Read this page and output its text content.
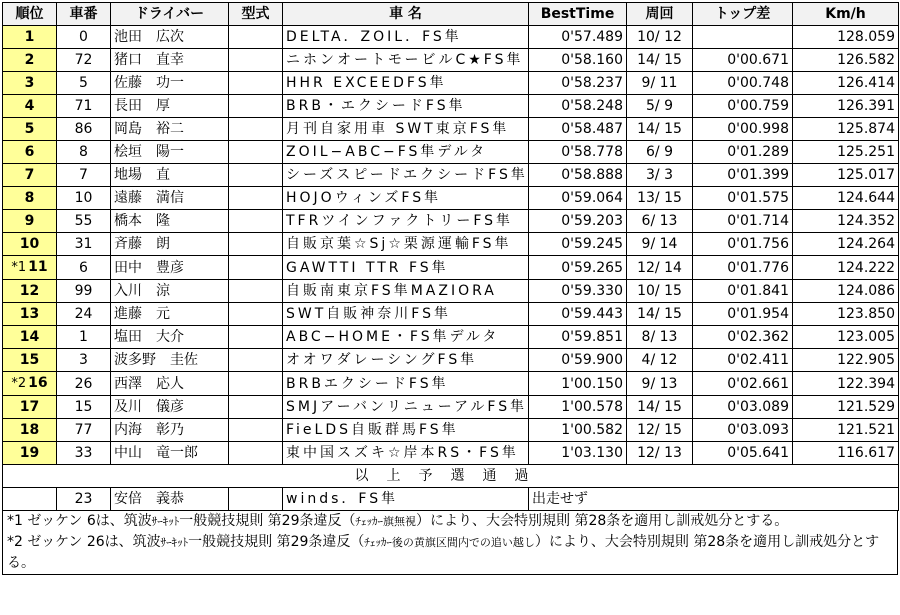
順位	車番	ドライバー	型式	車 名	BestTime	周回	トップ差	Km/h
1	0	池田　広次		DELTA．ZOIL．FS隼	0'57.489	10/ 12		128.059
2	72	猪口　直幸		ニホンオートモービルC★FS隼	0'58.160	14/ 15	0'00.671	126.582
3	5	佐藤　功一		HHR EXCEEDFS隼	0'58.237	9/ 11	0'00.748	126.414
4	71	長田　厚		BRB・エクシードFS隼	0'58.248	5/ 9	0'00.759	126.391
5	86	岡島　裕二		月刊自家用車 SWT東京FS隼	0'58.487	14/ 15	0'00.998	125.874
6	8	桧垣　陽一		ZOIL−ABC−FS隼デルタ	0'58.778	6/ 9	0'01.289	125.251
7	7	地場　直		シーズスピードエクシードFS隼	0'58.888	3/ 3	0'01.399	125.017
8	10	遠藤　満信		HOJOウィンズFS隼	0'59.064	13/ 15	0'01.575	124.644
9	55	橋本　隆		TFRツインファクトリーFS隼	0'59.203	6/ 13	0'01.714	124.352
10	31	斉藤　朗		自販京葉☆Sj☆栗源運輸FS隼	0'59.245	9/ 14	0'01.756	124.264
*1 11	6	田中　豊彦		GAWTTI TTR FS隼	0'59.265	12/ 14	0'01.776	124.222
12	99	入川　涼		自販南東京FS隼MAZIORA	0'59.330	10/ 15	0'01.841	124.086
13	24	進藤　元		SWT自販神奈川FS隼	0'59.443	14/ 15	0'01.954	123.850
14	1	塩田　大介		ABC−HOME・FS隼デルタ	0'59.851	8/ 13	0'02.362	123.005
15	3	波多野　圭佐		オオワダレーシングFS隼	0'59.900	4/ 12	0'02.411	122.905
*2 16	26	西澤　応人		BRBエクシードFS隼	1'00.150	9/ 13	0'02.661	122.394
17	15	及川　儀彦		SMJアーバンリニューアルFS隼	1'00.578	14/ 15	0'03.089	121.529
18	77	内海　彰乃		FieLDS自販群馬FS隼	1'00.582	12/ 15	0'03.093	121.521
19	33	中山　竜一郎		東中国スズキ☆岸本RS・FS隼	1'03.130	12/ 13	0'05.641	116.617
以上予選通過								
	23	安倍　義恭		winds．FS隼	出走せず			

*1 ゼッケン 6は、筑波ｻｰｷｯﾄ一般競技規則 第29条違反（ﾁｪｯｶｰ旗無視）により、大会特別規則 第28条を適用し訓戒処分とする。

*2 ゼッケン 26は、筑波ｻｰｷｯﾄ一般競技規則 第29条違反（ﾁｪｯｶｰ後の黄旗区間内での追い越し）により、大会特別規則 第28条を適用し訓戒処分とする。
